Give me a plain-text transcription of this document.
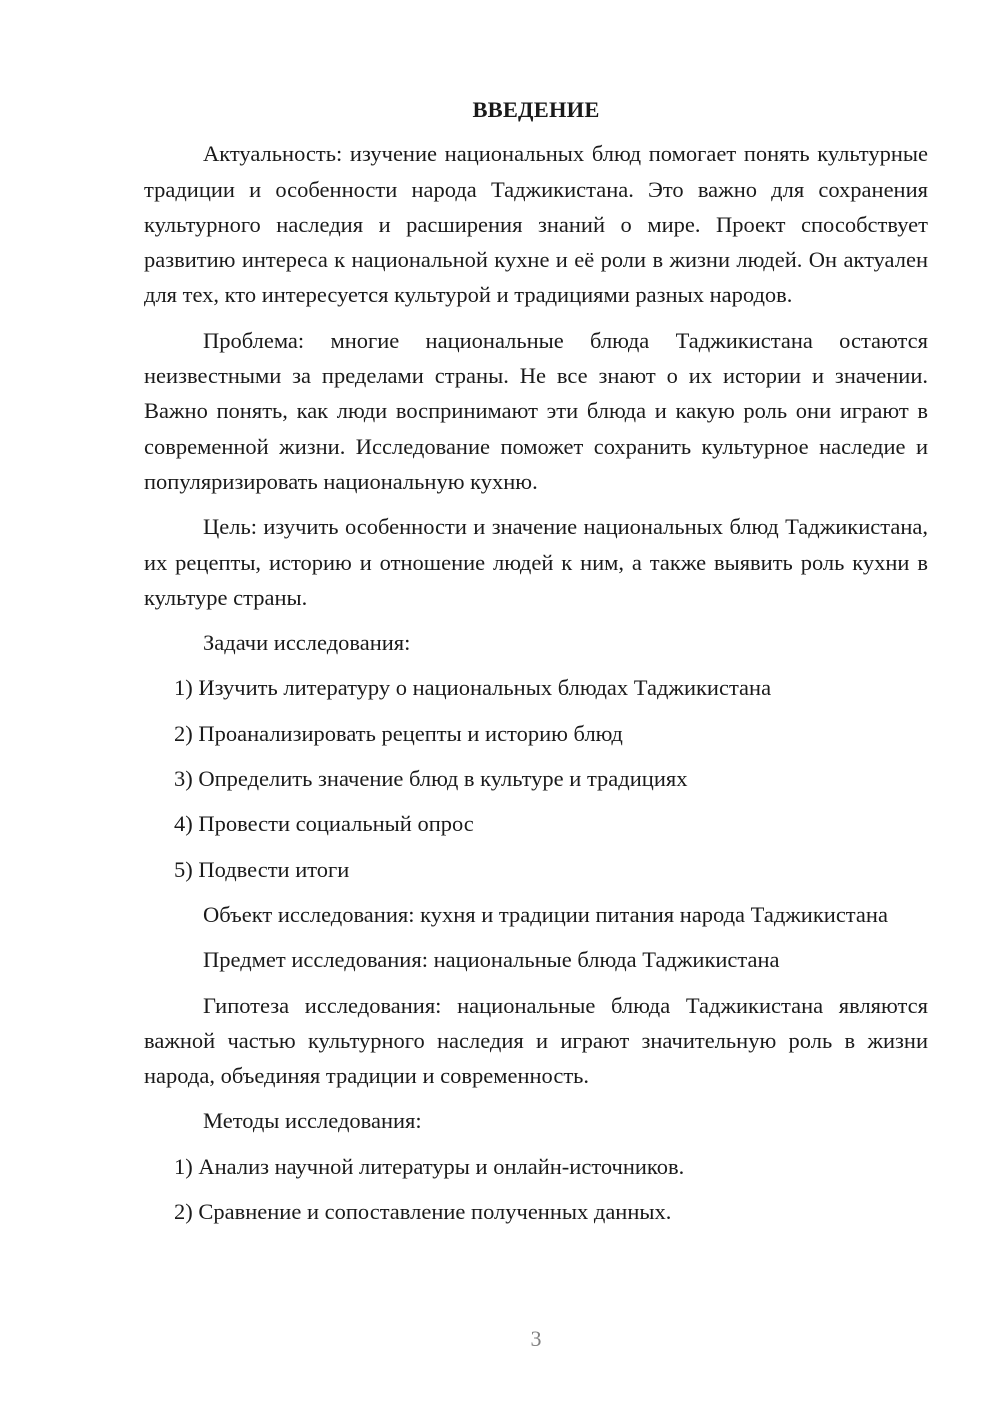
ВВЕДЕНИЕ

Актуальность: изучение национальных блюд помогает понять культурные традиции и особенности народа Таджикистана. Это важно для сохранения культурного наследия и расширения знаний о мире. Проект способствует развитию интереса к национальной кухне и её роли в жизни людей. Он актуален для тех, кто интересуется культурой и традициями разных народов.

Проблема: многие национальные блюда Таджикистана остаются неизвестными за пределами страны. Не все знают о их истории и значении. Важно понять, как люди воспринимают эти блюда и какую роль они играют в современной жизни. Исследование поможет сохранить культурное наследие и популяризировать национальную кухню.

Цель: изучить особенности и значение национальных блюд Таджикистана, их рецепты, историю и отношение людей к ним, а также выявить роль кухни в культуре страны.

Задачи исследования:

1) Изучить литературу о национальных блюдах Таджикистана

2) Проанализировать рецепты и историю блюд

3) Определить значение блюд в культуре и традициях

4) Провести социальный опрос

5) Подвести итоги

Объект исследования: кухня и традиции питания народа Таджикистана

Предмет исследования: национальные блюда Таджикистана

Гипотеза исследования: национальные блюда Таджикистана являются важной частью культурного наследия и играют значительную роль в жизни народа, объединяя традиции и современность.

Методы исследования:

1) Анализ научной литературы и онлайн-источников.

2) Сравнение и сопоставление полученных данных.

3
